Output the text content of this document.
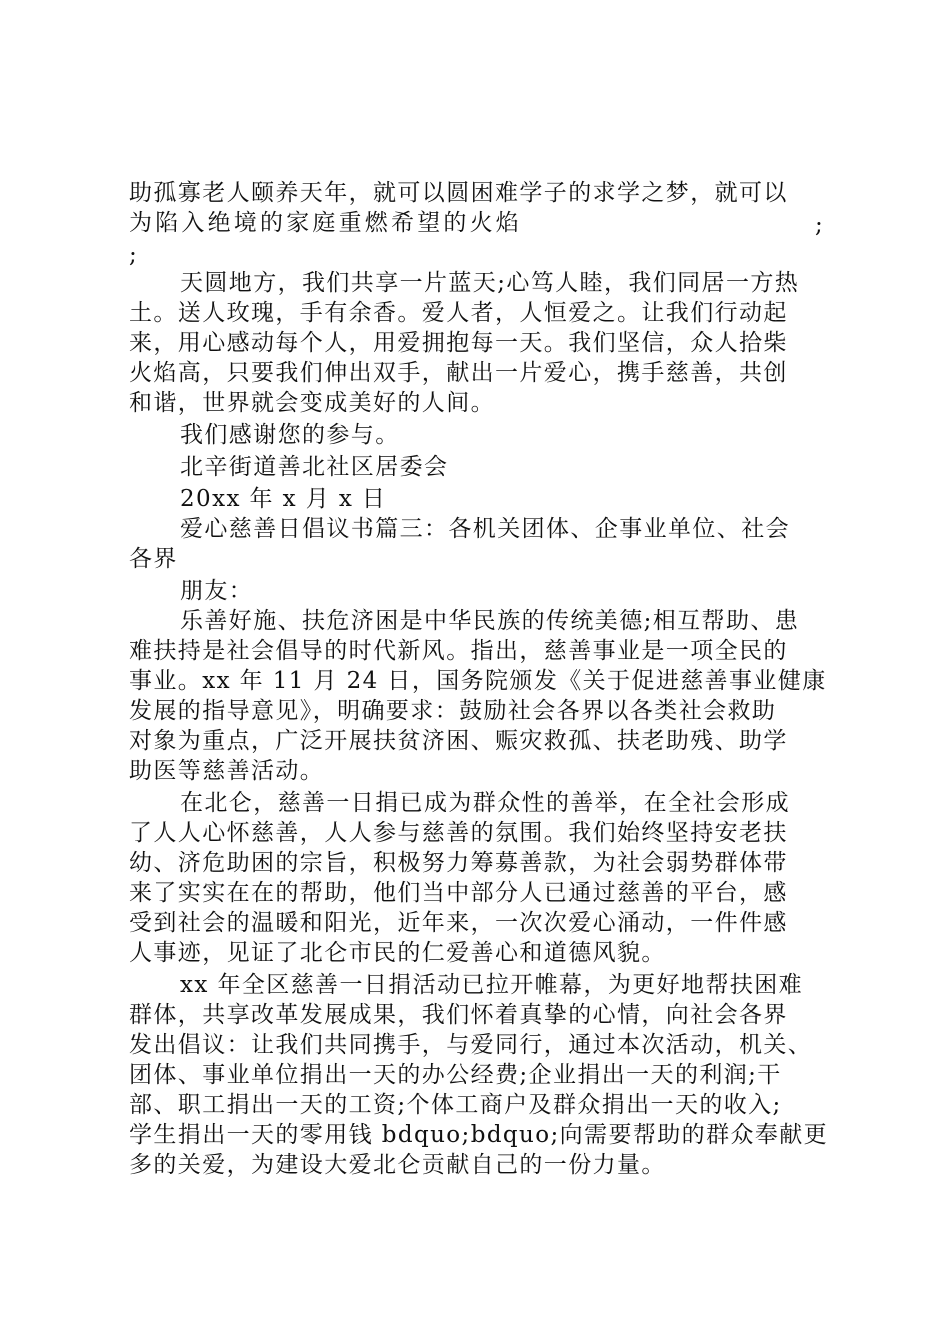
助孤寡老人颐养天年，就可以圆困难学子的求学之梦，就可以
为陷入绝境的家庭重燃希望的火焰	;
;
天圆地方，我们共享一片蓝天;心笃人睦，我们同居一方热
土。送人玫瑰，手有余香。爱人者，人恒爱之。让我们行动起
来，用心感动每个人，用爱拥抱每一天。我们坚信，众人拾柴
火焰高，只要我们伸出双手，献出一片爱心，携手慈善，共创
和谐，世界就会变成美好的人间。
我们感谢您的参与。
北辛街道善北社区居委会
20xx 年 x 月 x 日
爱心慈善日倡议书篇三：各机关团体、企事业单位、社会
各界
朋友：
乐善好施、扶危济困是中华民族的传统美德;相互帮助、患
难扶持是社会倡导的时代新风。指出，慈善事业是一项全民的
事业。xx 年 11 月 24 日，国务院颁发《关于促进慈善事业健康
发展的指导意见》，明确要求：鼓励社会各界以各类社会救助
对象为重点，广泛开展扶贫济困、赈灾救孤、扶老助残、助学
助医等慈善活动。
在北仑，慈善一日捐已成为群众性的善举，在全社会形成
了人人心怀慈善，人人参与慈善的氛围。我们始终坚持安老扶
幼、济危助困的宗旨，积极努力筹募善款，为社会弱势群体带
来了实实在在的帮助，他们当中部分人已通过慈善的平台，感
受到社会的温暖和阳光，近年来，一次次爱心涌动，一件件感
人事迹，见证了北仑市民的仁爱善心和道德风貌。
xx 年全区慈善一日捐活动已拉开帷幕，为更好地帮扶困难
群体，共享改革发展成果，我们怀着真挚的心情，向社会各界
发出倡议：让我们共同携手，与爱同行，通过本次活动，机关、
团体、事业单位捐出一天的办公经费;企业捐出一天的利润;干
部、职工捐出一天的工资;个体工商户及群众捐出一天的收入;
学生捐出一天的零用钱 bdquo;bdquo;向需要帮助的群众奉献更
多的关爱，为建设大爱北仑贡献自己的一份力量。
